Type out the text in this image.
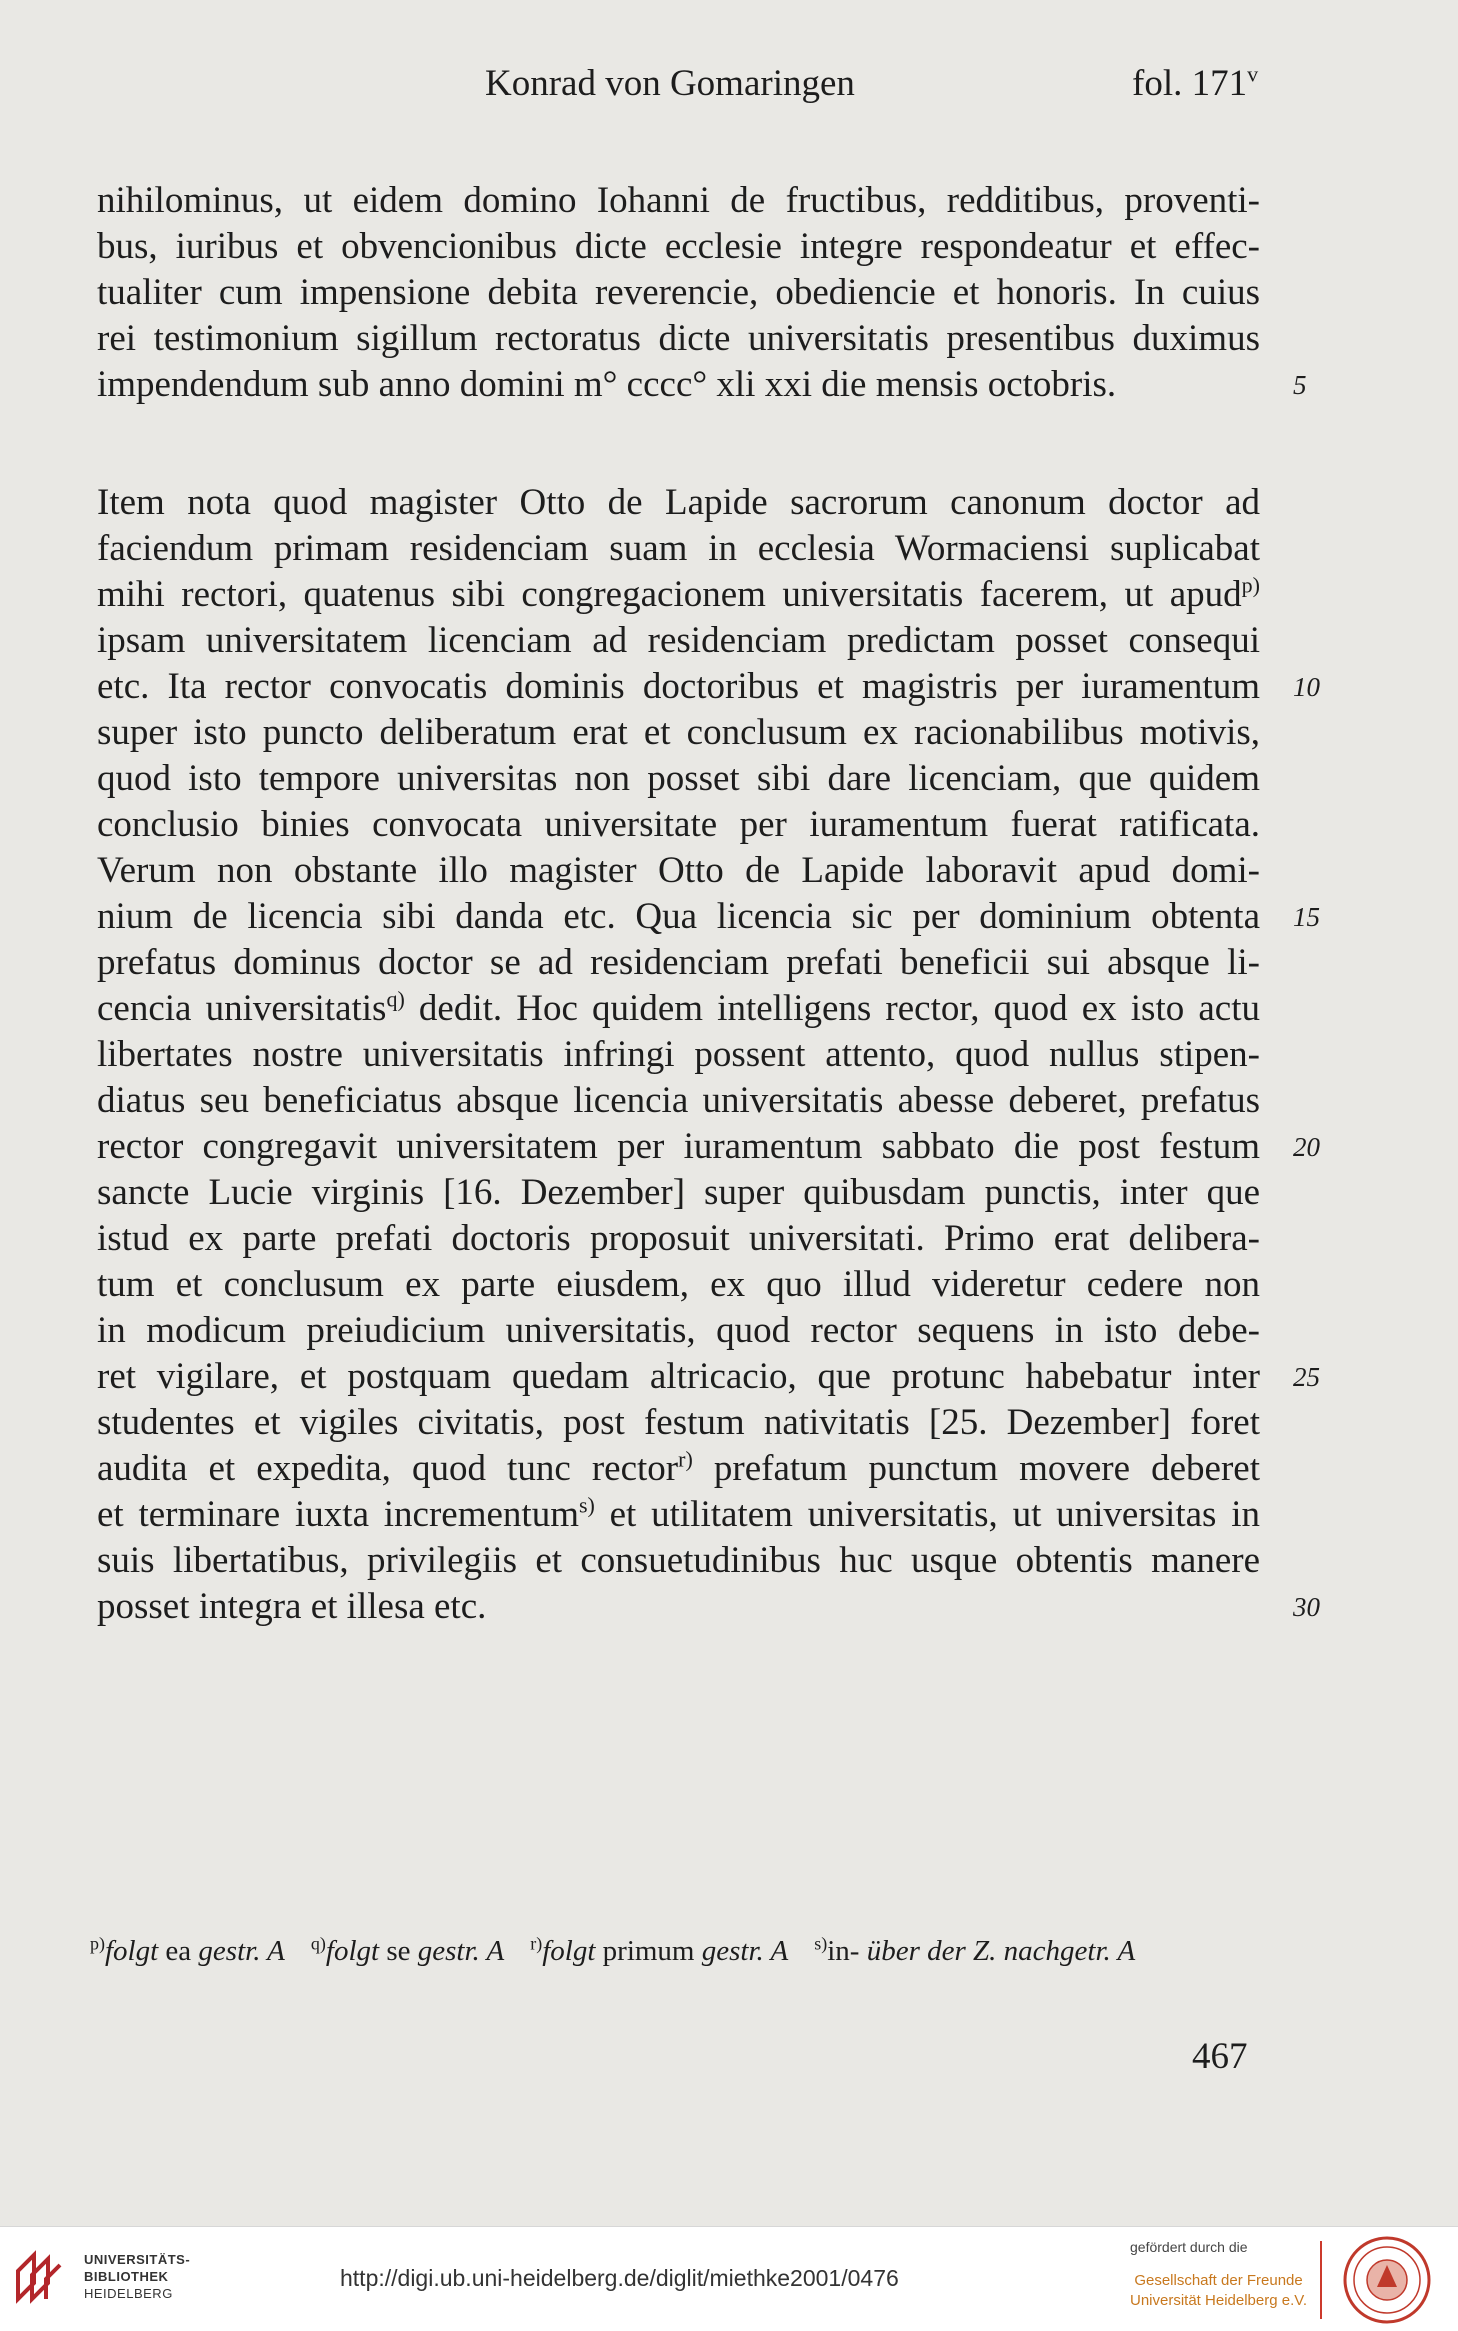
Konrad von Gomaringen	fol. 171$^v$
nihilominus, ut eidem domino Iohanni de fructibus, redditibus, proventi-
bus, iuribus et obvencionibus dicte ecclesie integre respondeatur et effec-
tualiter cum impensione debita reverencie, obediencie et honoris. In cuius
rei testimonium sigillum rectoratus dicte universitatis presentibus duximus
impendendum sub anno domini m° cccc° xli xxi die mensis octobris.	5
Item nota quod magister Otto de Lapide sacrorum canonum doctor ad
faciendum primam residenciam suam in ecclesia Wormaciensi suplicabat
mihi rectori, quatenus sibi congregacionem universitatis facerem, ut apud$^{p)}$
ipsam universitatem licenciam ad residenciam predictam posset consequi
etc. Ita rector convocatis dominis doctoribus et magistris per iuramentum 10
super isto puncto deliberatum erat et conclusum ex racionabilibus motivis,
quod isto tempore universitas non posset sibi dare licenciam, que quidem
conclusio binies convocata universitate per iuramentum fuerat ratificata.
Verum non obstante illo magister Otto de Lapide laboravit apud domi-
nium de licencia sibi danda etc. Qua licencia sic per dominium obtenta 15
prefatus dominus doctor se ad residenciam prefati beneficii sui absque li-
cencia universitatis$^{q)}$ dedit. Hoc quidem intelligens rector, quod ex isto actu
libertates nostre universitatis infringi possent attento, quod nullus stipen-
diatus seu beneficiatus absque licencia universitatis abesse deberet, prefatus
rector congregavit universitatem per iuramentum sabbato die post festum 20
sancte Lucie virginis [16. Dezember] super quibusdam punctis, inter que
istud ex parte prefati doctoris proposuit universitati. Primo erat delibera-
tum et conclusum ex parte eiusdem, ex quo illud videretur cedere non
in modicum preiudicium universitatis, quod rector sequens in isto debe-
ret vigilare, et postquam quedam altricacio, que protunc habebatur inter 25
studentes et vigiles civitatis, post festum nativitatis [25. Dezember] foret
audita et expedita, quod tunc rector$^{r)}$ prefatum punctum movere deberet
et terminare iuxta incrementum$^{s)}$ et utilitatem universitatis, ut universitas in
suis libertatibus, privilegiis et consuetudinibus huc usque obtentis manere
posset integra et illesa etc.	30
$^{p)}$folgt ea gestr. A $^{q)}$folgt se gestr. A $^{r)}$folgt primum gestr. A $^{s)}$in- über der Z. nachgetr. A
467
UNIVERSITÄTS-
BIBLIOTHEK
HEIDELBERG
http://digi.ub.uni-heidelberg.de/diglit/miethke2001/0476
gefördert durch die
Gesellschaft der Freunde
Universität Heidelberg e.V.
